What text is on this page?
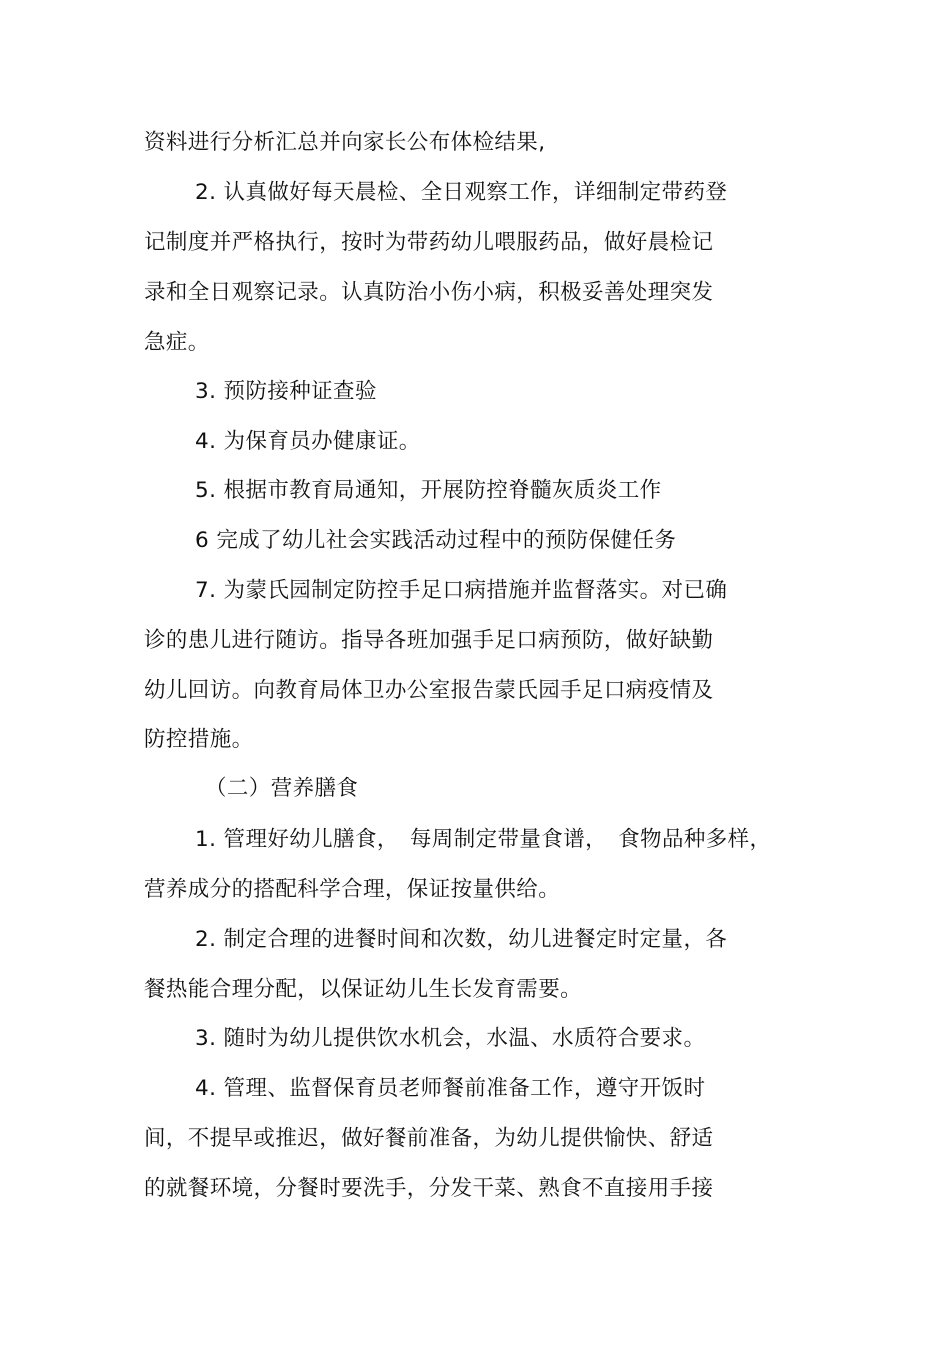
资料进行分析汇总并向家长公布体检结果,
2. 认真做好每天晨检、全日观察工作，详细制定带药登
记制度并严格执行，按时为带药幼儿喂服药品，做好晨检记
录和全日观察记录。认真防治小伤小病，积极妥善处理突发
急症。
3. 预防接种证查验
4. 为保育员办健康证。
5. 根据市教育局通知，开展防控脊髓灰质炎工作
6 完成了幼儿社会实践活动过程中的预防保健任务
7. 为蒙氏园制定防控手足口病措施并监督落实。对已确
诊的患儿进行随访。指导各班加强手足口病预防，做好缺勤
幼儿回访。向教育局体卫办公室报告蒙氏园手足口病疫情及
防控措施。
（二）营养膳食
1. 管理好幼儿膳食，　每周制定带量食谱，　食物品种多样，
营养成分的搭配科学合理，保证按量供给。
2. 制定合理的进餐时间和次数，幼儿进餐定时定量，各
餐热能合理分配，以保证幼儿生长发育需要。
3. 随时为幼儿提供饮水机会，水温、水质符合要求。
4. 管理、监督保育员老师餐前准备工作，遵守开饭时
间，不提早或推迟，做好餐前准备，为幼儿提供愉快、舒适
的就餐环境，分餐时要洗手，分发干菜、熟食不直接用手接
